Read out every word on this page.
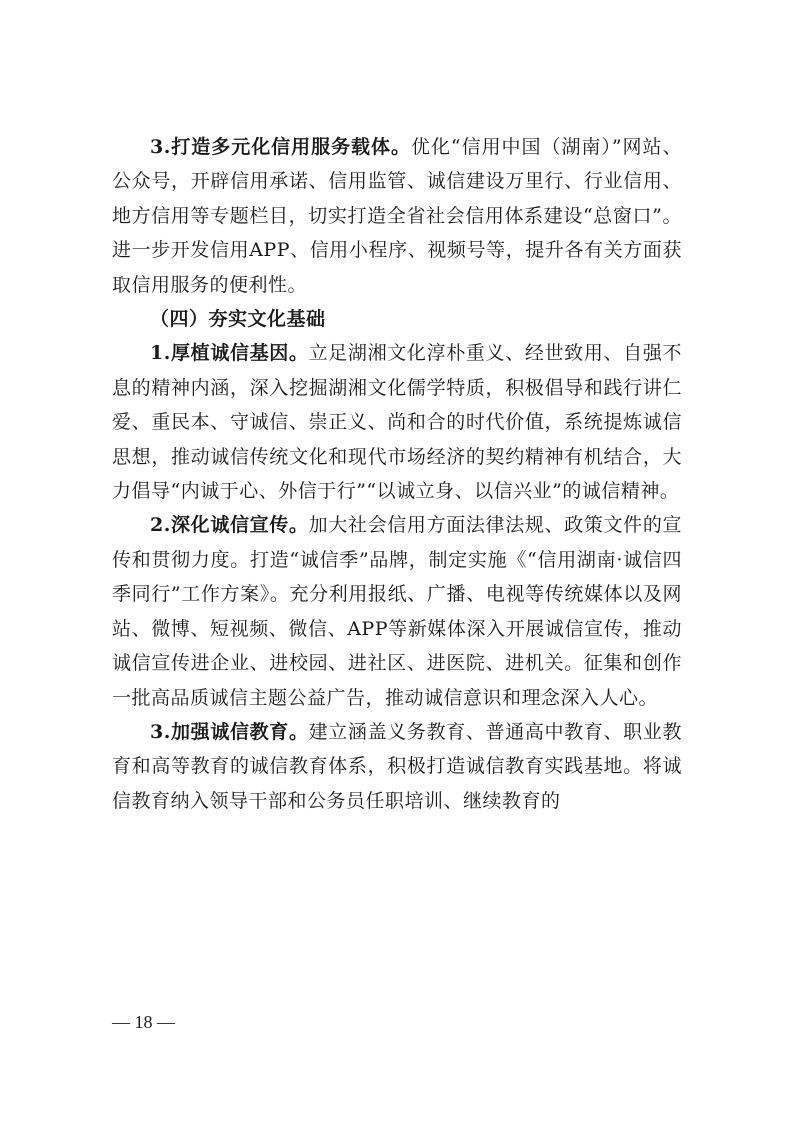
3.打造多元化信用服务载体。优化“信用中国（湖南）”网站、公众号，开辟信用承诺、信用监管、诚信建设万里行、行业信用、地方信用等专题栏目，切实打造全省社会信用体系建设“总窗口”。进一步开发信用APP、信用小程序、视频号等，提升各有关方面获取信用服务的便利性。

（四）夯实文化基础

1.厚植诚信基因。立足湖湘文化淳朴重义、经世致用、自强不息的精神内涵，深入挖掘湖湘文化儒学特质，积极倡导和践行讲仁爱、重民本、守诚信、崇正义、尚和合的时代价值，系统提炼诚信思想，推动诚信传统文化和现代市场经济的契约精神有机结合，大力倡导“内诚于心、外信于行”“以诚立身、以信兴业”的诚信精神。

2.深化诚信宣传。加大社会信用方面法律法规、政策文件的宣传和贯彻力度。打造“诚信季”品牌，制定实施《“信用湖南·诚信四季同行”工作方案》。充分利用报纸、广播、电视等传统媒体以及网站、微博、短视频、微信、APP等新媒体深入开展诚信宣传，推动诚信宣传进企业、进校园、进社区、进医院、进机关。征集和创作一批高品质诚信主题公益广告，推动诚信意识和理念深入人心。

3.加强诚信教育。建立涵盖义务教育、普通高中教育、职业教育和高等教育的诚信教育体系，积极打造诚信教育实践基地。将诚信教育纳入领导干部和公务员任职培训、继续教育的

— 18 —
